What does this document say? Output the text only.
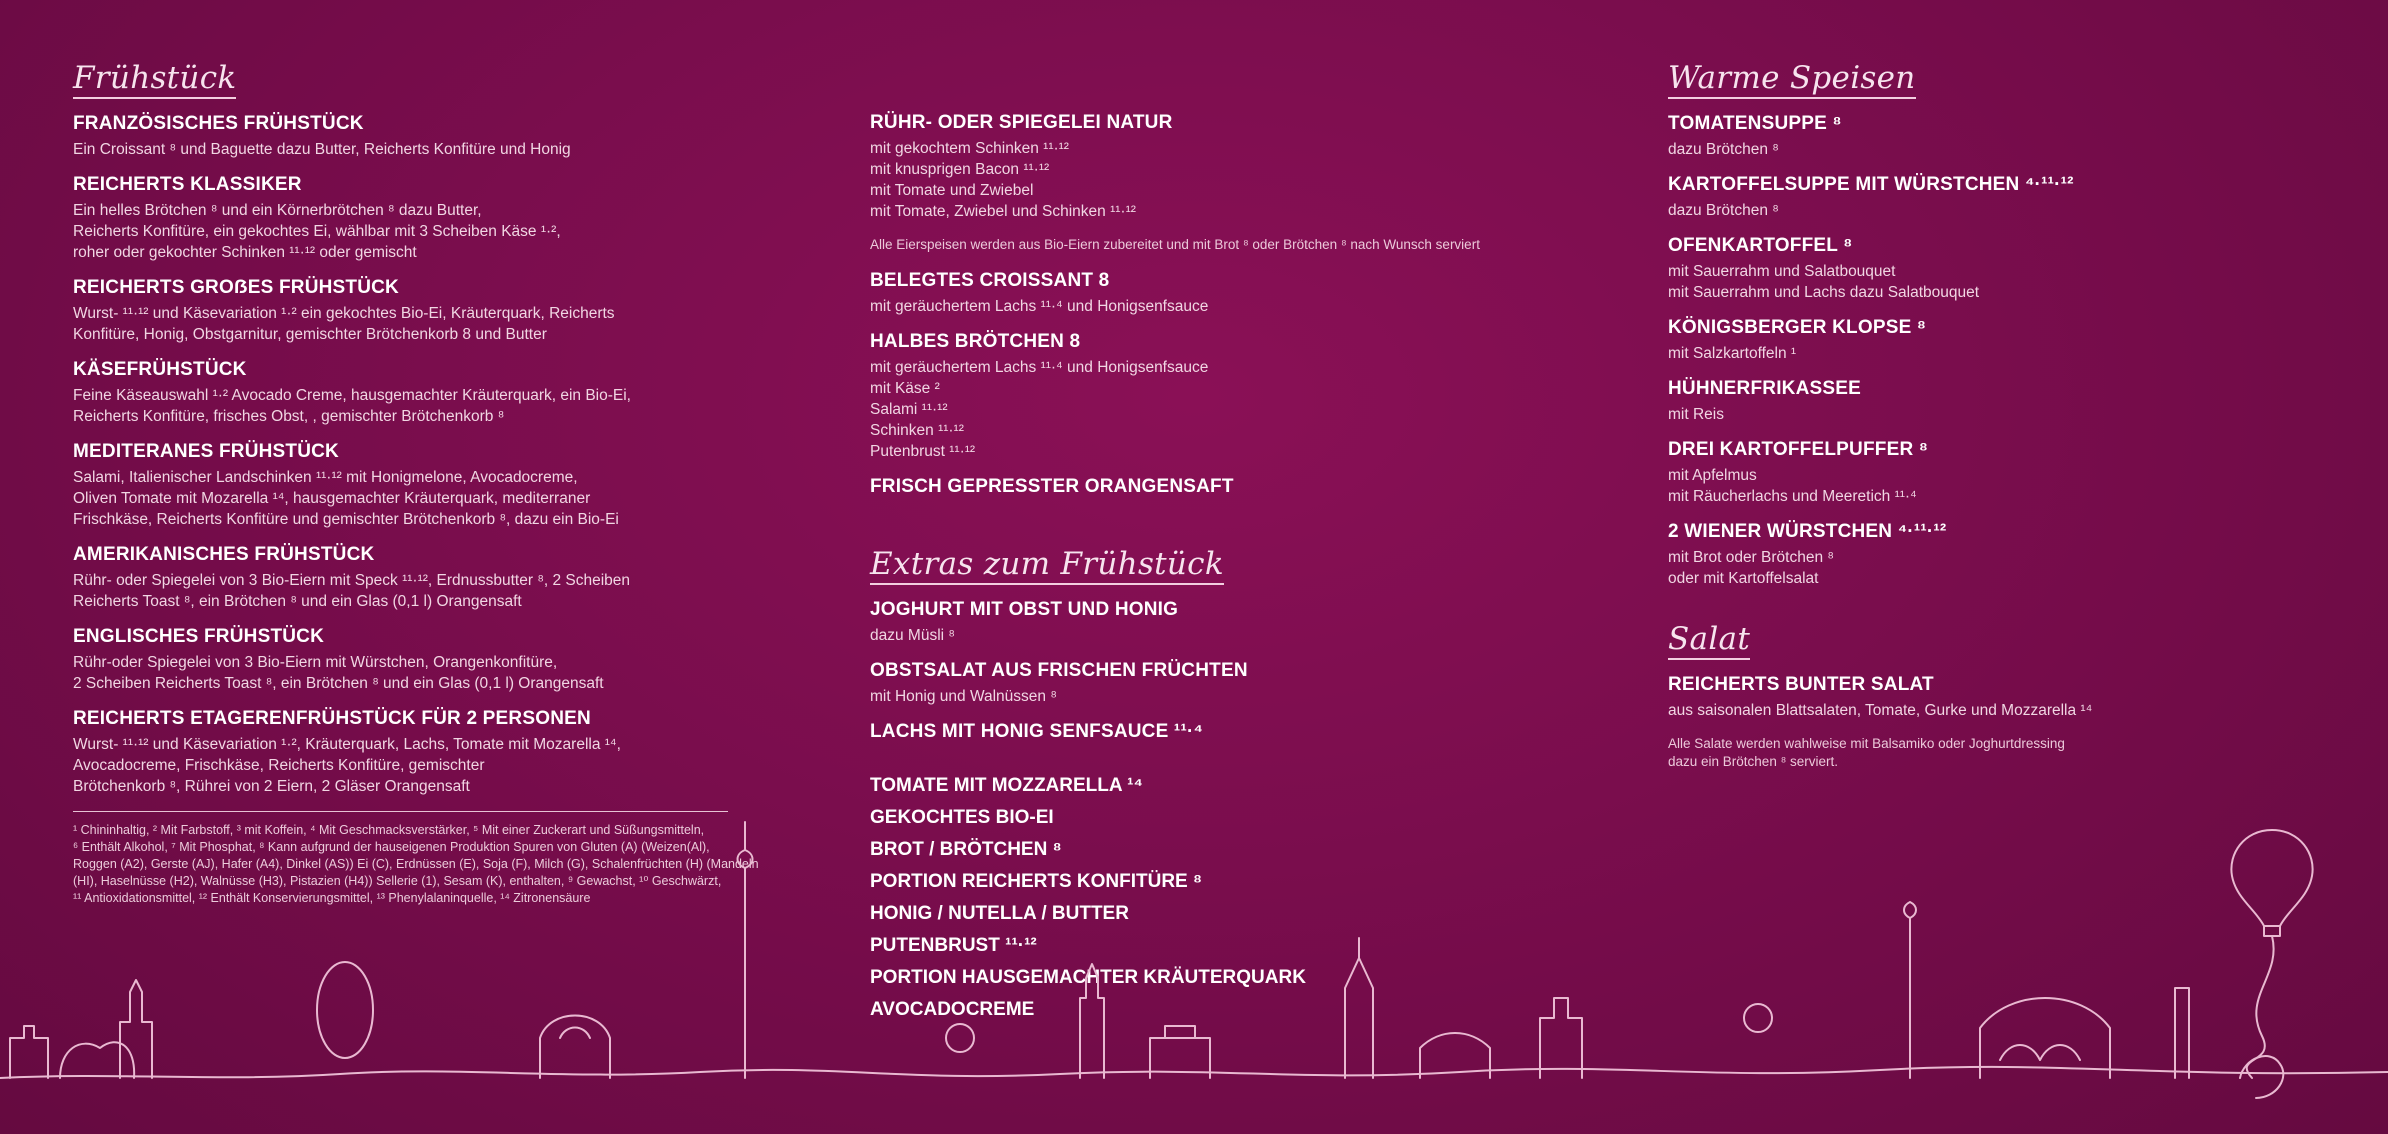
Frühstück
FRANZÖSISCHES FRÜHSTÜCK
Ein Croissant ⁸ und Baguette dazu Butter, Reicherts Konfitüre und Honig
REICHERTS KLASSIKER
Ein helles Brötchen ⁸ und ein Körnerbrötchen ⁸ dazu Butter,
Reicherts Konfitüre, ein gekochtes Ei, wählbar mit 3 Scheiben Käse ¹·²,
roher oder gekochter Schinken ¹¹·¹² oder gemischt
REICHERTS GROẞES FRÜHSTÜCK
Wurst- ¹¹·¹² und Käsevariation ¹·² ein gekochtes Bio-Ei, Kräuterquark, Reicherts
Konfitüre, Honig, Obstgarnitur, gemischter Brötchenkorb 8 und Butter
KÄSEFRÜHSTÜCK
Feine Käseauswahl ¹·² Avocado Creme, hausgemachter Kräuterquark, ein Bio-Ei,
Reicherts Konfitüre, frisches Obst, , gemischter Brötchenkorb ⁸
MEDITERANES FRÜHSTÜCK
Salami, Italienischer Landschinken ¹¹·¹² mit Honigmelone, Avocadocreme,
Oliven Tomate mit Mozarella ¹⁴, hausgemachter Kräuterquark, mediterraner
Frischkäse, Reicherts Konfitüre und gemischter Brötchenkorb ⁸, dazu ein Bio-Ei
AMERIKANISCHES FRÜHSTÜCK
Rühr- oder Spiegelei von 3 Bio-Eiern mit Speck ¹¹·¹², Erdnussbutter ⁸, 2 Scheiben
Reicherts Toast ⁸, ein Brötchen ⁸ und ein Glas (0,1 l) Orangensaft
ENGLISCHES FRÜHSTÜCK
Rühr-oder Spiegelei von 3 Bio-Eiern mit Würstchen, Orangenkonfitüre,
2 Scheiben Reicherts Toast ⁸, ein Brötchen ⁸ und ein Glas (0,1 l) Orangensaft
REICHERTS ETAGERENFRÜHSTÜCK FÜR 2 PERSONEN
Wurst- ¹¹·¹² und Käsevariation ¹·², Kräuterquark, Lachs, Tomate mit Mozarella ¹⁴,
Avocadocreme, Frischkäse, Reicherts Konfitüre, gemischter
Brötchenkorb ⁸, Rühreі von 2 Eiern, 2 Gläser Orangensaft
¹ Chininhaltig, ² Mit Farbstoff, ³ mit Koffein, ⁴ Mit Geschmacksverstärker, ⁵ Mit einer Zuckerart und Süßungsmitteln,
⁶ Enthält Alkohol, ⁷ Mit Phosphat, ⁸ Kann aufgrund der hauseigenen Produktion Spuren von Gluten (A) (Weizen(Al),
Roggen (A2), Gerste (AJ), Hafer (A4), Dinkel (AS)) Ei (C), Erdnüssen (E), Soja (F), Milch (G), Schalenfrüchten (H) (Mandeln
(HI), Haselnüsse (H2), Walnüsse (H3), Pistazien (H4)) Sellerie (1), Sesam (K), enthalten, ⁹ Gewachst, ¹⁰ Geschwärzt,
¹¹ Antioxidationsmittel, ¹² Enthält Konservierungsmittel, ¹³ Phenylalaninquelle, ¹⁴ Zitronensäure
RÜHR- ODER SPIEGELEI NATUR
mit gekochtem Schinken ¹¹·¹²
mit knusprigen Bacon ¹¹·¹²
mit Tomate und Zwiebel
mit Tomate, Zwiebel und Schinken ¹¹·¹²
Alle Eierspeisen werden aus Bio-Eiern zubereitet und mit Brot ⁸ oder Brötchen ⁸ nach Wunsch serviert
BELEGTES CROISSANT 8
mit geräuchertem Lachs ¹¹·⁴ und Honigsenfsauce
HALBES BRÖTCHEN 8
mit geräuchertem Lachs ¹¹·⁴ und Honigsenfsauce
mit Käse ²
Salami ¹¹·¹²
Schinken ¹¹·¹²
Putenbrust ¹¹·¹²
FRISCH GEPRESSTER ORANGENSAFT
Extras zum Frühstück
JOGHURT MIT OBST UND HONIG
dazu Müsli ⁸
OBSTSALAT AUS FRISCHEN FRÜCHTEN
mit Honig und Walnüssen ⁸
LACHS MIT HONIG SENFSAUCE ¹¹·⁴
TOMATE MIT MOZZARELLA ¹⁴
GEKOCHTES BIO-EI
BROT / BRÖTCHEN ⁸
PORTION REICHERTS KONFITÜRE ⁸
HONIG / NUTELLA / BUTTER
PUTENBRUST ¹¹·¹²
PORTION HAUSGEMACHTER KRÄUTERQUARK
AVOCADOCREME
Warme Speisen
TOMATENSUPPE ⁸
dazu Brötchen ⁸
KARTOFFELSUPPE MIT WÜRSTCHEN ⁴·¹¹·¹²
dazu Brötchen ⁸
OFENKARTOFFEL ⁸
mit Sauerrahm und Salatbouquet
mit Sauerrahm und Lachs dazu Salatbouquet
KÖNIGSBERGER KLOPSE ⁸
mit Salzkartoffeln ¹
HÜHNERFRIKASSEE
mit Reis
DREI KARTOFFELPUFFER ⁸
mit Apfelmus
mit Räucherlachs und Meeretich ¹¹·⁴
2 WIENER WÜRSTCHEN ⁴·¹¹·¹²
mit Brot oder Brötchen ⁸
oder mit Kartoffelsalat
Salat
REICHERTS BUNTER SALAT
aus saisonalen Blattsalaten, Tomate, Gurke und Mozzarella ¹⁴
Alle Salate werden wahlweise mit Balsamiko oder Joghurtdressing
dazu ein Brötchen ⁸ serviert.
